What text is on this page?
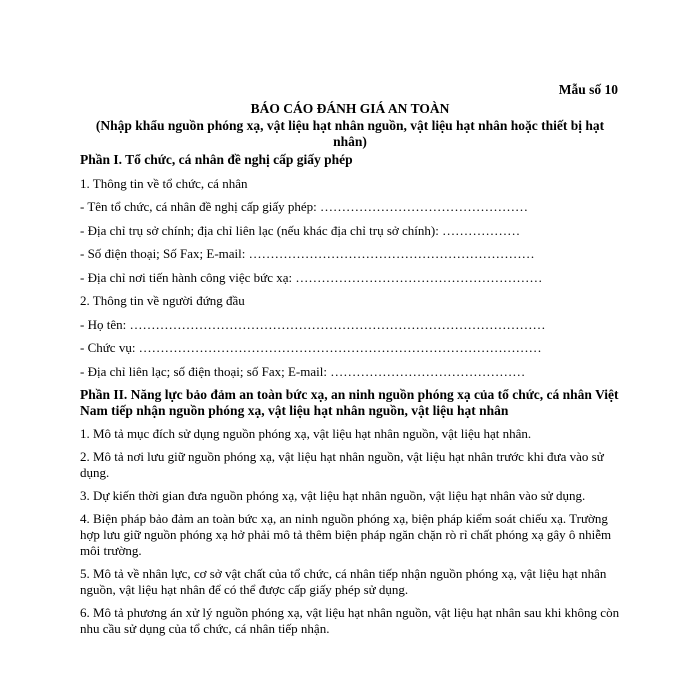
Mẫu số 10
BÁO CÁO ĐÁNH GIÁ AN TOÀN
(Nhập khẩu nguồn phóng xạ, vật liệu hạt nhân nguồn, vật liệu hạt nhân hoặc thiết bị hạt nhân)
Phần I. Tổ chức, cá nhân đề nghị cấp giấy phép
1. Thông tin về tổ chức, cá nhân
- Tên tổ chức, cá nhân đề nghị cấp giấy phép: …………………………………………
- Địa chỉ trụ sở chính; địa chỉ liên lạc (nếu khác địa chỉ trụ sở chính): ………………
- Số điện thoại; Số Fax; E-mail: …………………………………………………………
- Địa chỉ nơi tiến hành công việc bức xạ: …………………………………………………
2. Thông tin về người đứng đầu
- Họ tên: ……………………………………………………………………………………
- Chức vụ: …………………………………………………………………………………
- Địa chỉ liên lạc; số điện thoại; số Fax; E-mail: ………………………………………
Phần II. Năng lực bảo đảm an toàn bức xạ, an ninh nguồn phóng xạ của tổ chức, cá nhân Việt Nam tiếp nhận nguồn phóng xạ, vật liệu hạt nhân nguồn, vật liệu hạt nhân
1. Mô tả mục đích sử dụng nguồn phóng xạ, vật liệu hạt nhân nguồn, vật liệu hạt nhân.
2. Mô tả nơi lưu giữ nguồn phóng xạ, vật liệu hạt nhân nguồn, vật liệu hạt nhân trước khi đưa vào sử dụng.
3. Dự kiến thời gian đưa nguồn phóng xạ, vật liệu hạt nhân nguồn, vật liệu hạt nhân vào sử dụng.
4. Biện pháp bảo đảm an toàn bức xạ, an ninh nguồn phóng xạ, biện pháp kiểm soát chiếu xạ. Trường hợp lưu giữ nguồn phóng xạ hở phải mô tả thêm biện pháp ngăn chặn rò rỉ chất phóng xạ gây ô nhiễm môi trường.
5. Mô tả về nhân lực, cơ sở vật chất của tổ chức, cá nhân tiếp nhận nguồn phóng xạ, vật liệu hạt nhân nguồn, vật liệu hạt nhân để có thể được cấp giấy phép sử dụng.
6. Mô tả phương án xử lý nguồn phóng xạ, vật liệu hạt nhân nguồn, vật liệu hạt nhân sau khi không còn nhu cầu sử dụng của tổ chức, cá nhân tiếp nhận.
